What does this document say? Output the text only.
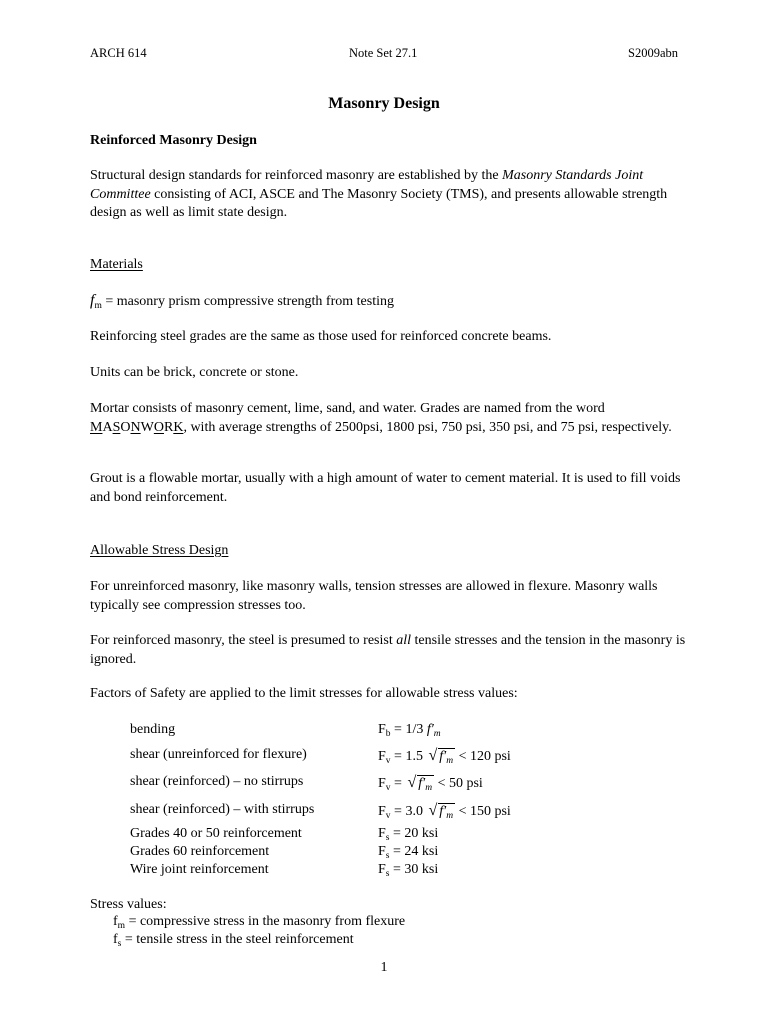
ARCH 614	Note Set 27.1	S2009abn
Masonry Design
Reinforced Masonry Design
Structural design standards for reinforced masonry are established by the Masonry Standards Joint Committee consisting of ACI, ASCE and The Masonry Society (TMS), and presents allowable strength design as well as limit state design.
Materials
$f_m$ = masonry prism compressive strength from testing
Reinforcing steel grades are the same as those used for reinforced concrete beams.
Units can be brick, concrete or stone.
Mortar consists of masonry cement, lime, sand, and water. Grades are named from the word MASONWORK, with average strengths of 2500psi, 1800 psi, 750 psi, 350 psi, and 75 psi, respectively.
Grout is a flowable mortar, usually with a high amount of water to cement material. It is used to fill voids and bond reinforcement.
Allowable Stress Design
For unreinforced masonry, like masonry walls, tension stresses are allowed in flexure. Masonry walls typically see compression stresses too.
For reinforced masonry, the steel is presumed to resist all tensile stresses and the tension in the masonry is ignored.
Factors of Safety are applied to the limit stresses for allowable stress values:
bending	$F_b = 1/3$ $f'_m$
shear (unreinforced for flexure)	$F_v = 1.5$ √ $f'_m < 120$ psi
shear (reinforced) – no stirrups	$F_v$ = √ $f'_m < 50$ psi
shear (reinforced) – with stirrups	$F_v = 3.0$ √ $f'_m < 150$ psi
Grades 40 or 50 reinforcement	$F_s = 20$ ksi
Grades 60 reinforcement	$F_s = 24$ ksi
Wire joint reinforcement	$F_s = 30$ ksi
Stress values:
$f_m$ = compressive stress in the masonry from flexure
$f_s$ = tensile stress in the steel reinforcement
1
